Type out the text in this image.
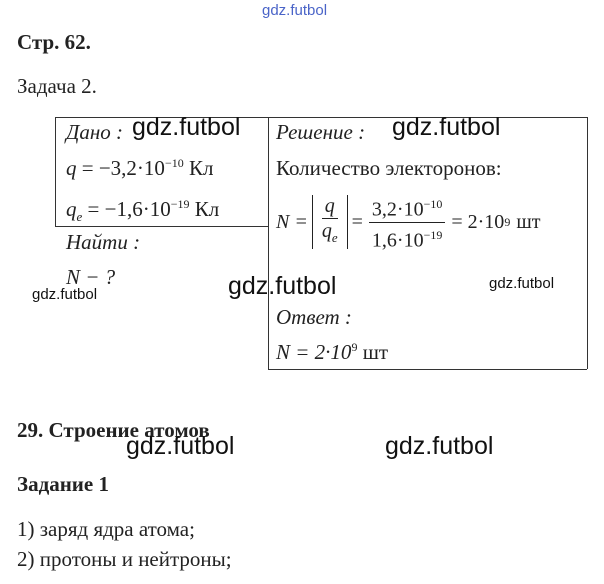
gdz.futbol
Стр. 62.
Задача 2.
Дано :
$q = -3,2\cdot 10^{-10}$ Кл
$q_e = -1,6\cdot 10^{-19}$ Кл
Найти :
N − ?
Решение :
Количество электоронов:
$N = \frac{q}{q_e} = \frac{3,2\cdot 10^{-10}}{1,6\cdot 10^{-19}} = 2\cdot 10$ 9 шт
Ответ :
$N = 2\cdot 10^9$ шт
29. Строение атомов
Задание 1
1) заряд ядра атома;
2) протоны и нейтроны;
gdz.futbol	gdz.futbol
gdz.futbol	gdz.futbol	gdz.futbol
gdz.futbol	gdz.futbol
